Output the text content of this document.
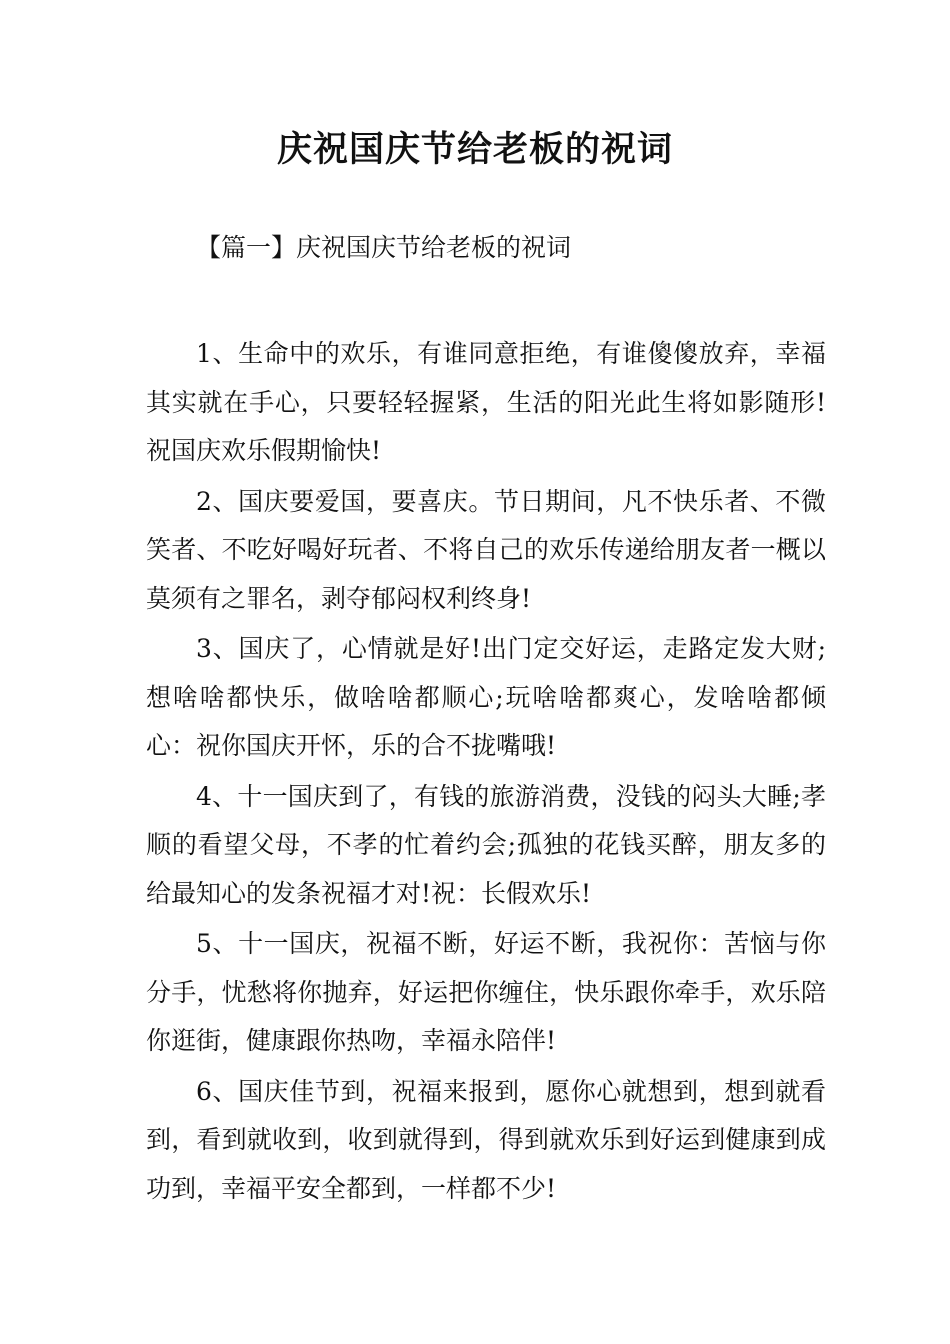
庆祝国庆节给老板的祝词

【篇一】庆祝国庆节给老板的祝词

1、生命中的欢乐，有谁同意拒绝，有谁傻傻放弃，幸福其实就在手心，只要轻轻握紧，生活的阳光此生将如影随形!祝国庆欢乐假期愉快!

2、国庆要爱国，要喜庆。节日期间，凡不快乐者、不微笑者、不吃好喝好玩者、不将自己的欢乐传递给朋友者一概以莫须有之罪名，剥夺郁闷权利终身!

3、国庆了，心情就是好!出门定交好运，走路定发大财;想啥啥都快乐，做啥啥都顺心;玩啥啥都爽心，发啥啥都倾心：祝你国庆开怀，乐的合不拢嘴哦!

4、十一国庆到了，有钱的旅游消费，没钱的闷头大睡;孝顺的看望父母，不孝的忙着约会;孤独的花钱买醉，朋友多的给最知心的发条祝福才对!祝：长假欢乐!

5、十一国庆，祝福不断，好运不断，我祝你：苦恼与你分手，忧愁将你抛弃，好运把你缠住，快乐跟你牵手，欢乐陪你逛街，健康跟你热吻，幸福永陪伴!

6、国庆佳节到，祝福来报到，愿你心就想到，想到就看到，看到就收到，收到就得到，得到就欢乐到好运到健康到成功到，幸福平安全都到，一样都不少!
